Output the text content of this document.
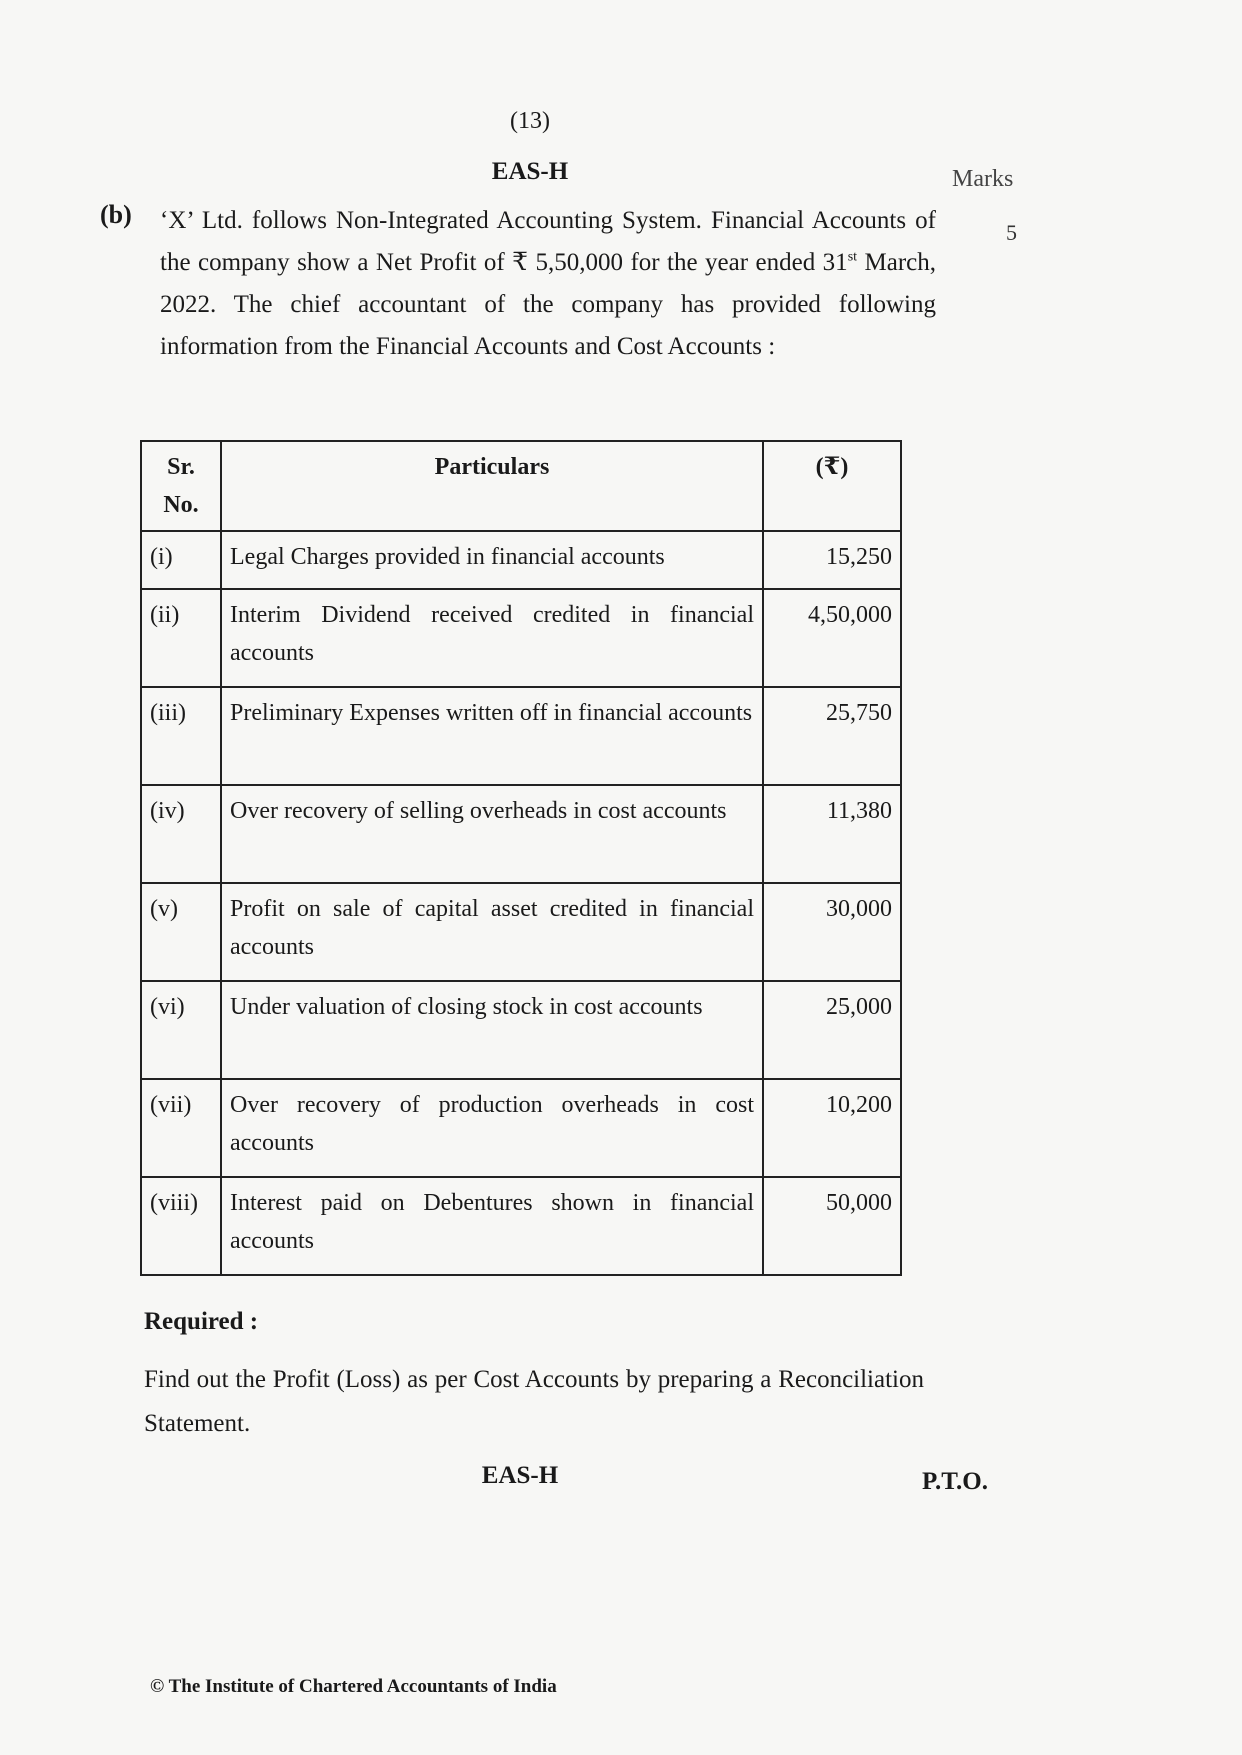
(13)
EAS-H	Marks
5
(b) ‘X’ Ltd. follows Non-Integrated Accounting System. Financial Accounts of the company show a Net Profit of ₹ 5,50,000 for the year ended 31st March, 2022. The chief accountant of the company has provided following information from the Financial Accounts and Cost Accounts :
Sr. No.	Particulars	(₹)
(i)	Legal Charges provided in financial accounts	15,250
(ii)	Interim Dividend received credited in financial accounts	4,50,000
(iii)	Preliminary Expenses written off in financial accounts	25,750
(iv)	Over recovery of selling overheads in cost accounts	11,380
(v)	Profit on sale of capital asset credited in financial accounts	30,000
(vi)	Under valuation of closing stock in cost accounts	25,000
(vii)	Over recovery of production overheads in cost accounts	10,200
(viii)	Interest paid on Debentures shown in financial accounts	50,000
Required :
Find out the Profit (Loss) as per Cost Accounts by preparing a Reconciliation Statement.
EAS-H	P.T.O.
© The Institute of Chartered Accountants of India
